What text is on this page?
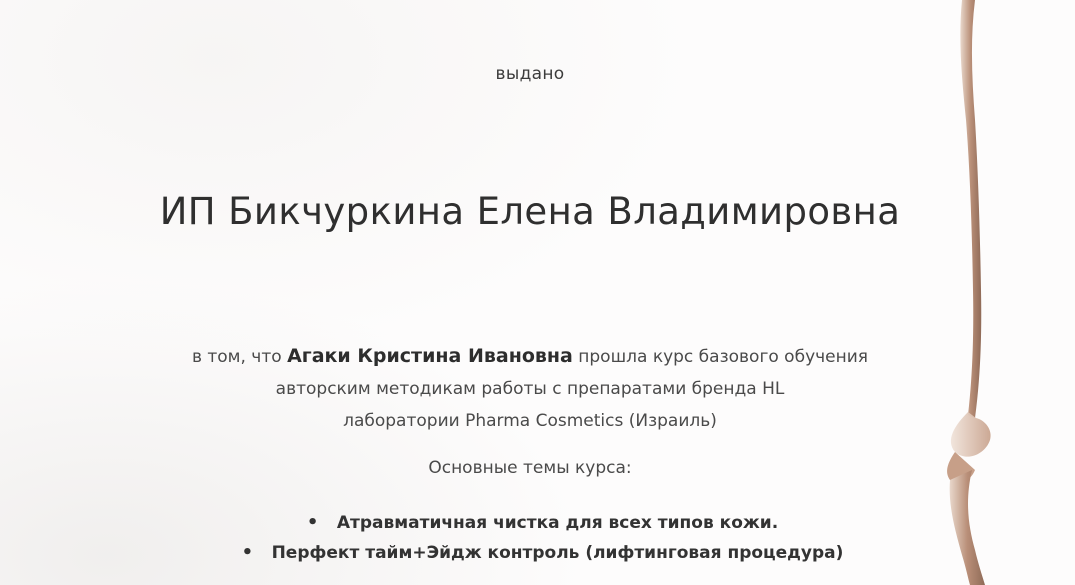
выдано
ИП Бикчуркина Елена Владимировна
в том, что Агаки Кристина Ивановна прошла курс базового обучения
авторским методикам работы с препаратами бренда HL
лаборатории Pharma Cosmetics (Израиль)
Основные темы курса:
• Атравматичная чистка для всех типов кожи.
• Перфект тайм+Эйдж контроль (лифтинговая процедура)
